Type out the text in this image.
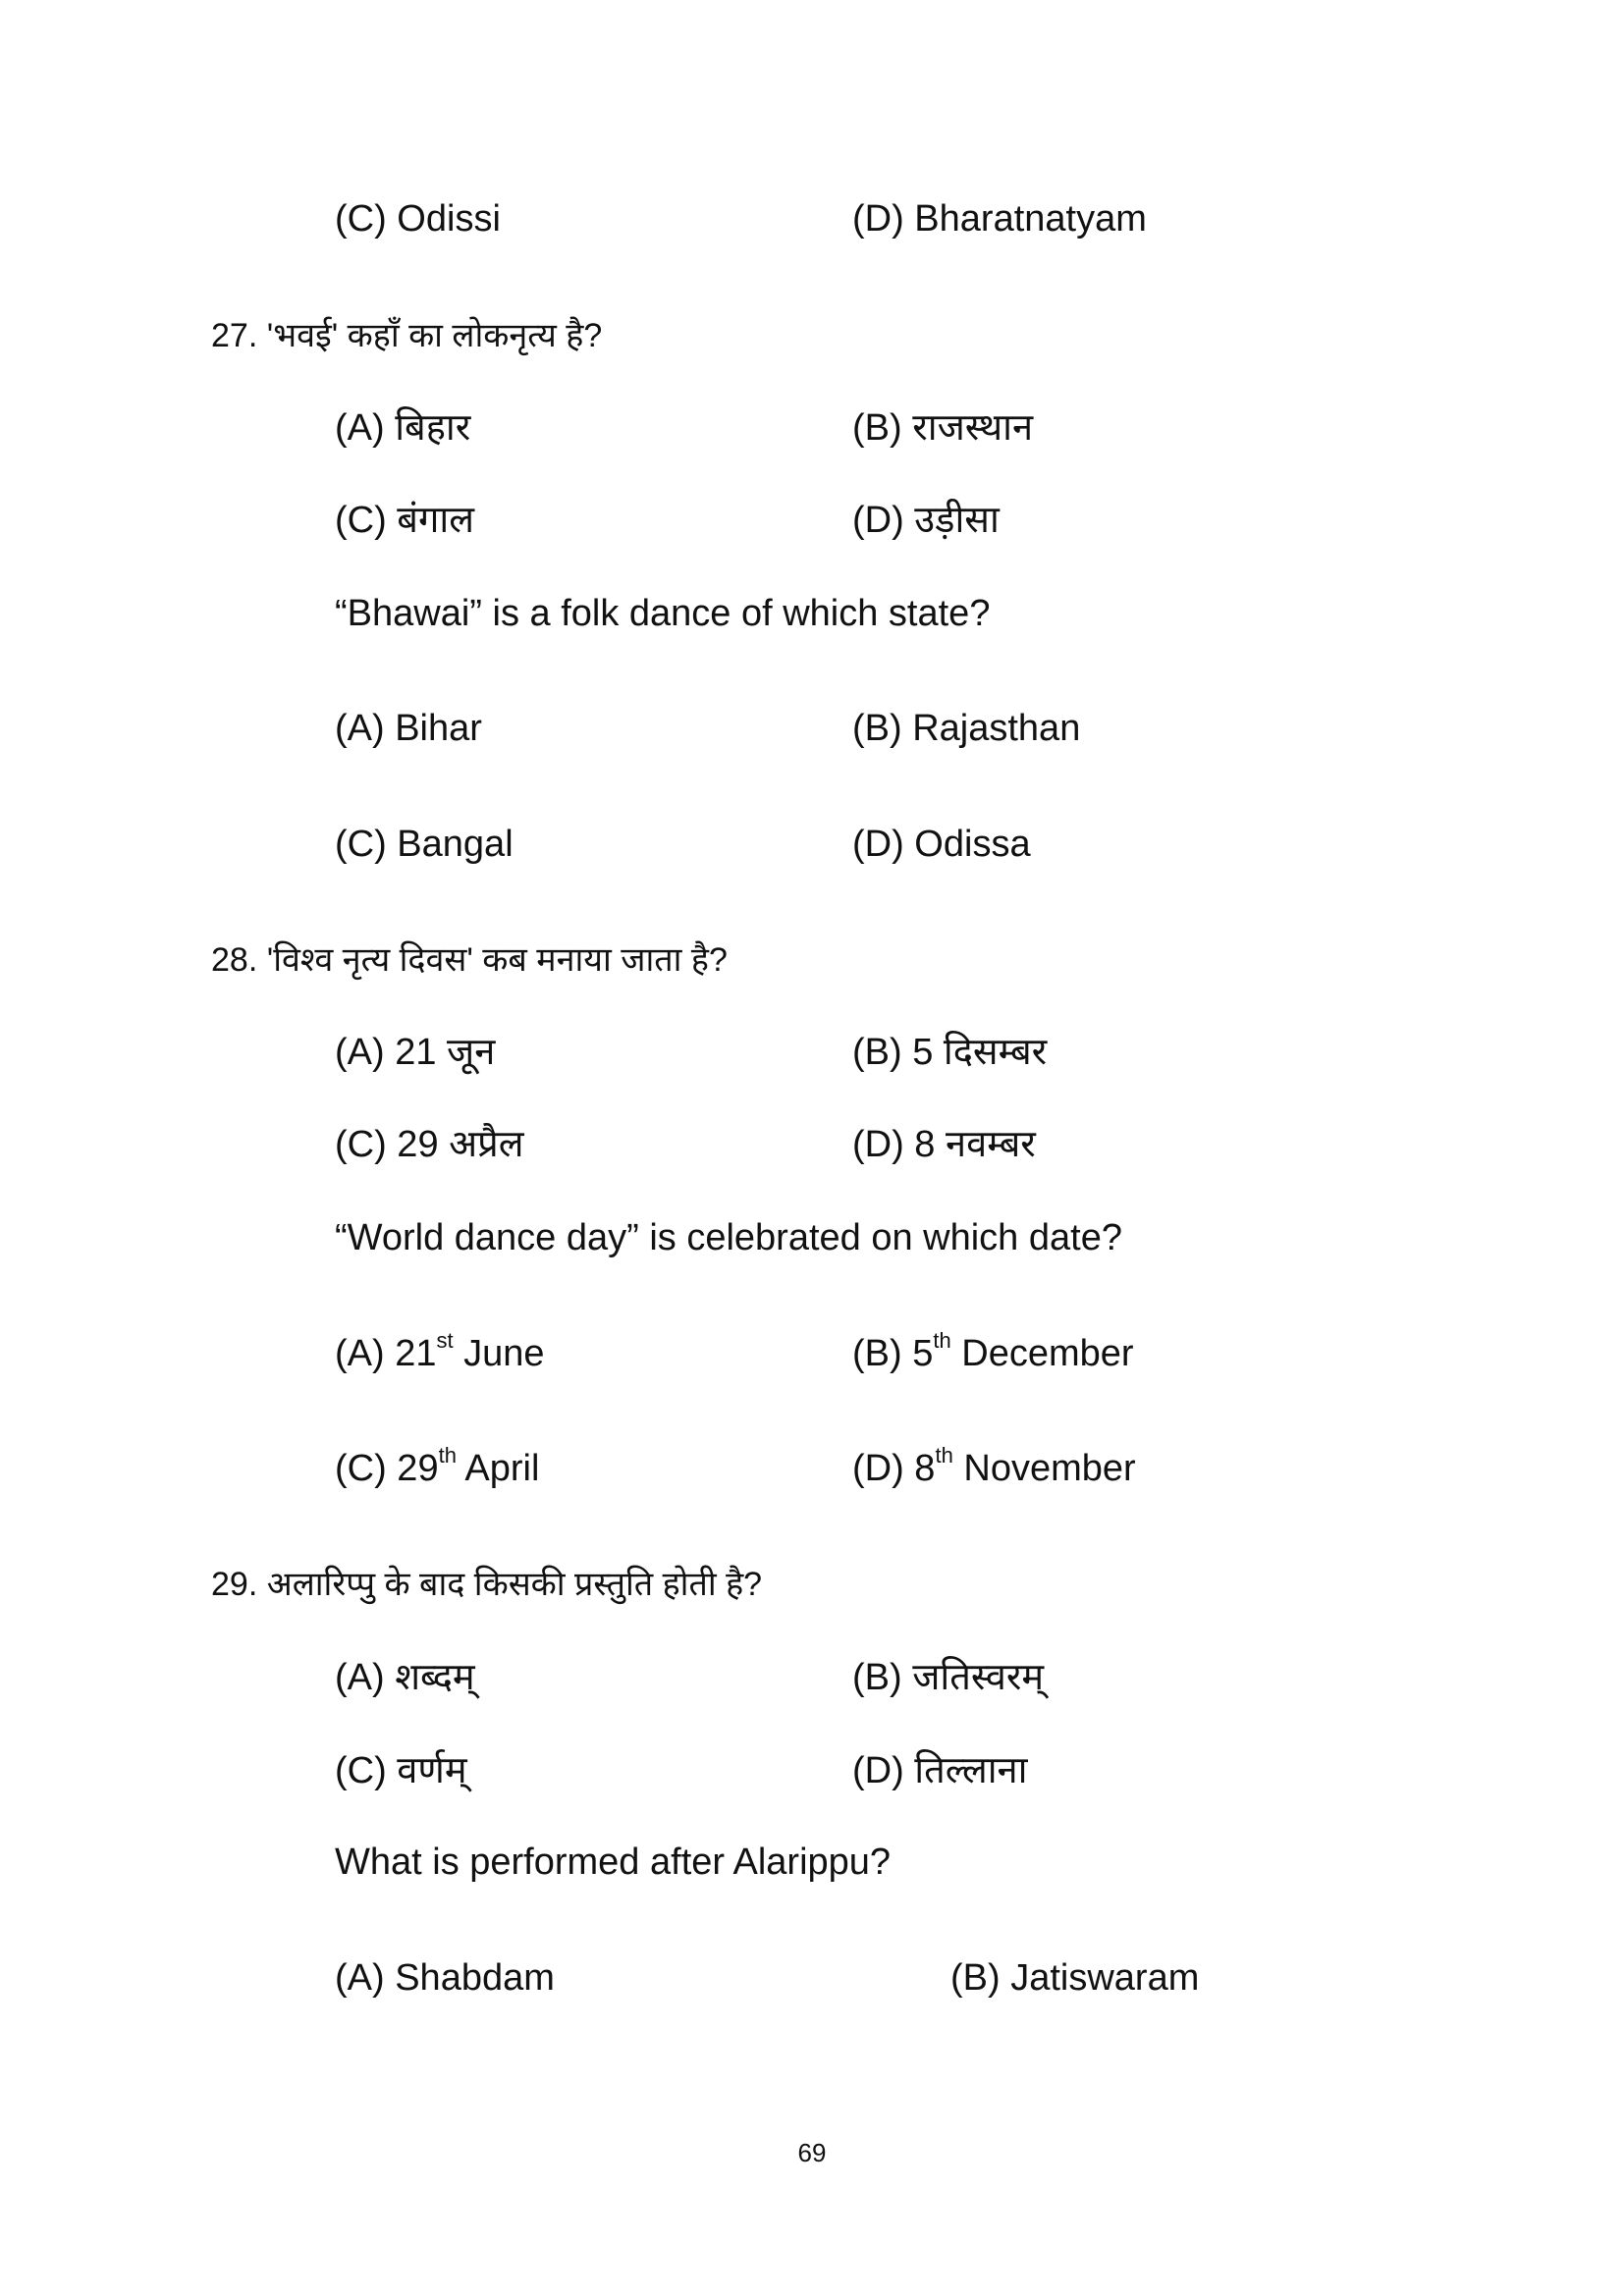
(C) Odissi	(D) Bharatnatyam
27. 'भवई' कहाँ का लोकनृत्य है?
(A) बिहार	(B) राजस्थान
(C) बंगाल	(D) उड़ीसा
“Bhawai” is a folk dance of which state?
(A) Bihar	(B) Rajasthan
(C) Bangal	(D) Odissa
28. 'विश्व नृत्य दिवस' कब मनाया जाता है?
(A) 21 जून	(B) 5 दिसम्बर
(C) 29 अप्रैल	(D) 8 नवम्बर
“World dance day” is celebrated on which date?
(A) 21st June	(B) 5th December
(C) 29th April	(D) 8th November
29. अलारिप्पु के बाद किसकी प्रस्तुति होती है?
(A) शब्दम्	(B) जतिस्वरम्
(C) वर्णम्	(D) तिल्लाना
What is performed after Alarippu?
(A) Shabdam	(B) Jatiswaram
69
